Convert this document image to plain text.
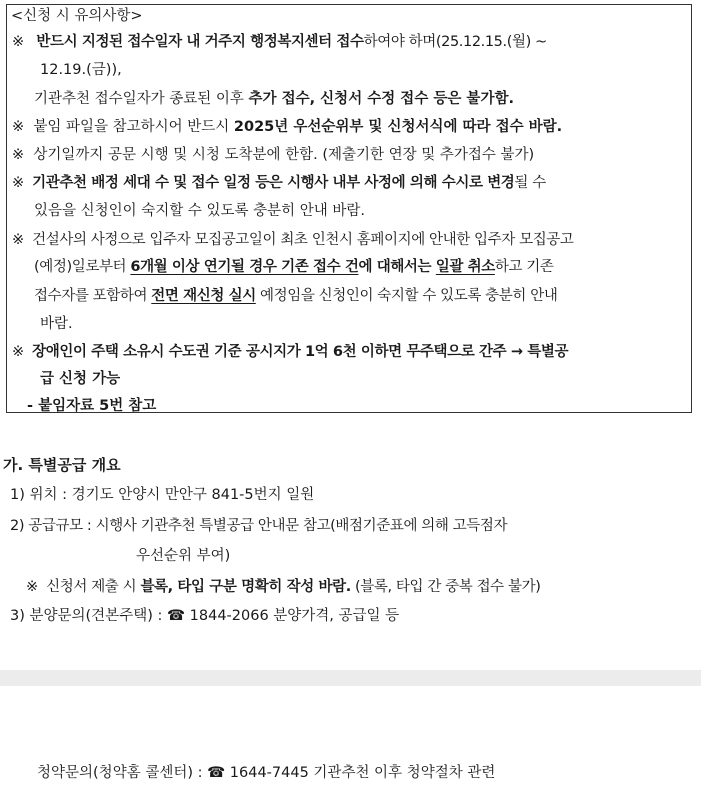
<신청 시 유의사항>
※ 반드시 지정된 접수일자 내 거주지 행정복지센터 접수하여야 하며(25.12.15.(월) ~
12.19.(금)),
기관추천 접수일자가 종료된 이후 추가 접수, 신청서 수정 접수 등은 불가함.
※ 붙임 파일을 참고하시어 반드시 2025년 우선순위부 및 신청서식에 따라 접수 바람.
※ 상기일까지 공문 시행 및 시청 도착분에 한함. (제출기한 연장 및 추가접수 불가)
※ 기관추천 배정 세대 수 및 접수 일정 등은 시행사 내부 사정에 의해 수시로 변경될 수
있음을 신청인이 숙지할 수 있도록 충분히 안내 바람.
※ 건설사의 사정으로 입주자 모집공고일이 최초 인천시 홈페이지에 안내한 입주자 모집공고
(예정)일로부터 6개월 이상 연기될 경우 기존 접수 건에 대해서는 일괄 취소하고 기존
접수자를 포함하여 전면 재신청 실시 예정임을 신청인이 숙지할 수 있도록 충분히 안내
바람.
※ 장애인이 주택 소유시 수도권 기준 공시지가 1억 6천 이하면 무주택으로 간주 → 특별공
급 신청 가능
- 붙임자료 5번 참고
가. 특별공급 개요
1) 위치 : 경기도 안양시 만안구 841-5번지 일원
2) 공급규모 : 시행사 기관추천 특별공급 안내문 참고(배점기준표에 의해 고득점자
우선순위 부여)
※ 신청서 제출 시 블록, 타입 구분 명확히 작성 바람. (블록, 타입 간 중복 접수 불가)
3) 분양문의(견본주택) : ☎ 1844-2066 분양가격, 공급일 등
청약문의(청약홈 콜센터) : ☎ 1644-7445 기관추천 이후 청약절차 관련
